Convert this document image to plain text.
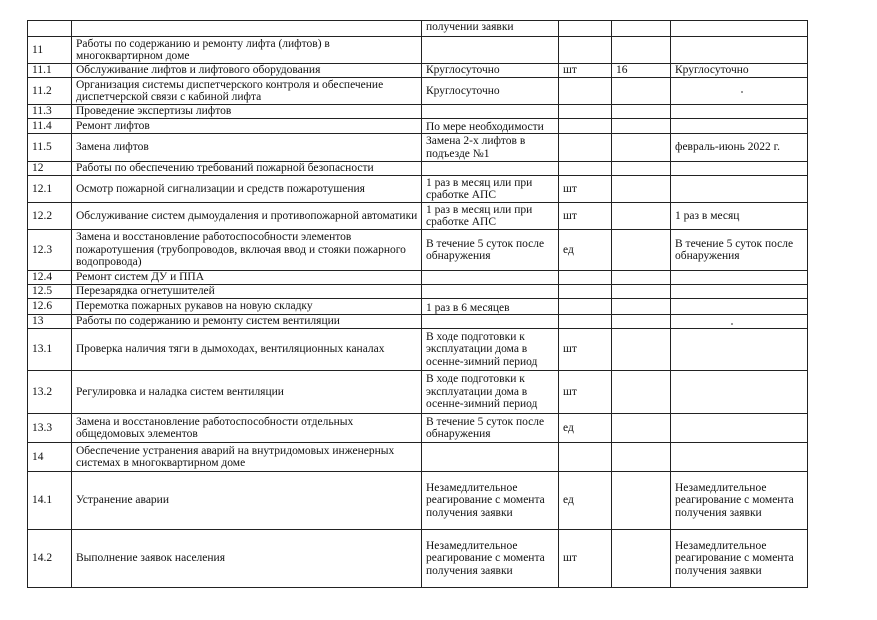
		получении заявки			
11	Работы по содержанию и ремонту лифта (лифтов) в многоквартирном доме				
11.1	Обслуживание лифтов и лифтового оборудования	Круглосуточно	шт	16	Круглосуточно
11.2	Организация системы диспетчерского контроля и обеспечение диспетчерской связи с кабиной лифта	Круглосуточно			
11.3	Проведение экспертизы лифтов				
11.4	Ремонт лифтов	По мере необходимости			
11.5	Замена лифтов	Замена 2-х лифтов в подъезде №1			февраль-июнь 2022 г.
12	Работы по обеспечению требований пожарной безопасности				
12.1	Осмотр пожарной сигнализации и средств пожаротушения	1 раз в месяц или при сработке АПС	шт		
12.2	Обслуживание систем дымоудаления и противопожарной автоматики	1 раз в месяц или при сработке АПС	шт		1 раз в месяц
12.3	Замена и восстановление работоспособности элементов пожаротушения (трубопроводов, включая ввод и стояки пожарного водопровода)	В течение 5 суток после обнаружения	ед		В течение 5 суток после обнаружения
12.4	Ремонт систем ДУ и ППА				
12.5	Перезарядка огнетушителей				
12.6	Перемотка пожарных рукавов на новую складку	1 раз в 6 месяцев			
13	Работы по содержанию и ремонту систем вентиляции				
13.1	Проверка наличия тяги в дымоходах, вентиляционных каналах	В ходе подготовки к эксплуатации дома в осенне-зимний период	шт		
13.2	Регулировка и наладка систем вентиляции	В ходе подготовки к эксплуатации дома в осенне-зимний период	шт		
13.3	Замена и восстановление работоспособности отдельных общедомовых элементов	В течение 5 суток после обнаружения	ед		
14	Обеспечение устранения аварий на внутридомовых инженерных системах в многоквартирном доме				
14.1	Устранение аварии	Незамедлительное реагирование с момента получения заявки	ед		Незамедлительное реагирование с момента получения заявки
14.2	Выполнение заявок населения	Незамедлительное реагирование с момента получения заявки	шт		Незамедлительное реагирование с момента получения заявки
